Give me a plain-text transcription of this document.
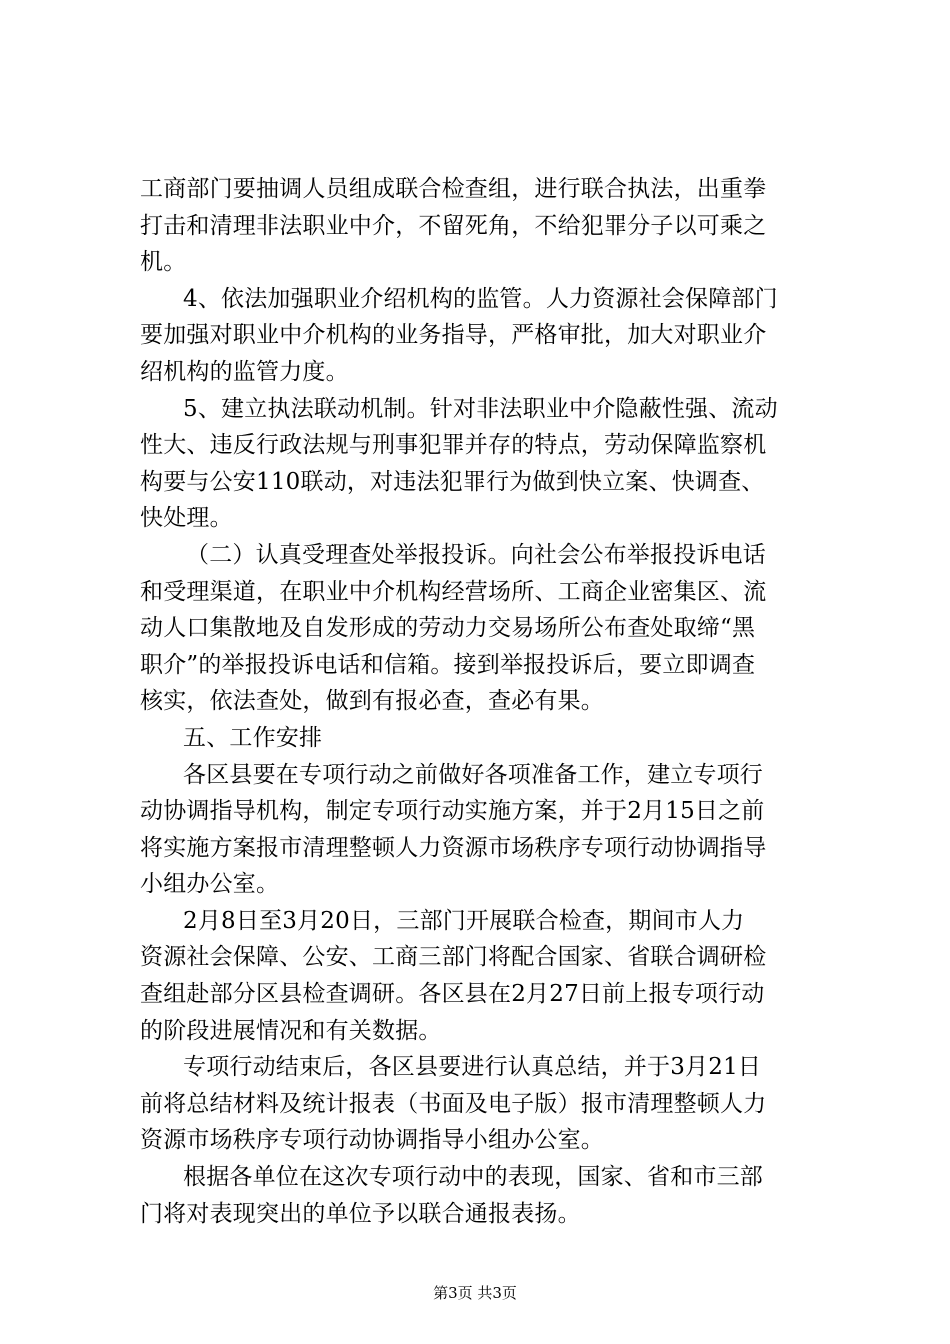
工商部门要抽调人员组成联合检查组，进行联合执法，出重拳
打击和清理非法职业中介，不留死角，不给犯罪分子以可乘之
机。
4、依法加强职业介绍机构的监管。人力资源社会保障部门
要加强对职业中介机构的业务指导，严格审批，加大对职业介
绍机构的监管力度。
5、建立执法联动机制。针对非法职业中介隐蔽性强、流动
性大、违反行政法规与刑事犯罪并存的特点，劳动保障监察机
构要与公安110联动，对违法犯罪行为做到快立案、快调查、
快处理。
（二）认真受理查处举报投诉。向社会公布举报投诉电话
和受理渠道，在职业中介机构经营场所、工商企业密集区、流
动人口集散地及自发形成的劳动力交易场所公布查处取缔“黑
职介”的举报投诉电话和信箱。接到举报投诉后，要立即调查
核实，依法查处，做到有报必查，查必有果。
五、工作安排
各区县要在专项行动之前做好各项准备工作，建立专项行
动协调指导机构，制定专项行动实施方案，并于2月15日之前
将实施方案报市清理整顿人力资源市场秩序专项行动协调指导
小组办公室。
2月8日至3月20日，三部门开展联合检查，期间市人力
资源社会保障、公安、工商三部门将配合国家、省联合调研检
查组赴部分区县检查调研。各区县在2月27日前上报专项行动
的阶段进展情况和有关数据。
专项行动结束后，各区县要进行认真总结，并于3月21日
前将总结材料及统计报表（书面及电子版）报市清理整顿人力
资源市场秩序专项行动协调指导小组办公室。
根据各单位在这次专项行动中的表现，国家、省和市三部
门将对表现突出的单位予以联合通报表扬。
第3页 共3页
